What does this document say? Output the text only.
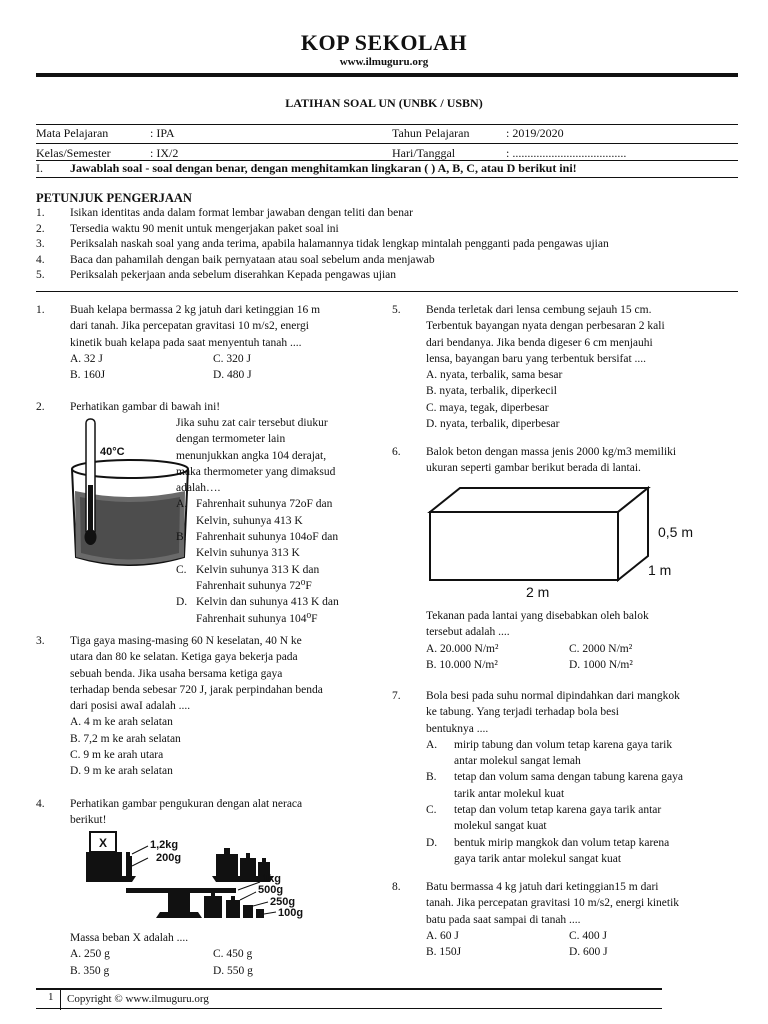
KOP SEKOLAH
www.ilmuguru.org
LATIHAN SOAL UN (UNBK / USBN)
Mata Pelajaran	: IPA	Tahun Pelajaran	: 2019/2020
Kelas/Semester	: IX/2	Hari/Tanggal	: ......................................
I. Jawablah soal - soal dengan benar, dengan menghitamkan lingkaran ( ) A, B, C, atau D berikut ini!
PETUNJUK PENGERJAAN
1.	Isikan identitas anda dalam format lembar jawaban dengan teliti dan benar
2.	Tersedia waktu 90 menit untuk mengerjakan paket soal ini
3.	Periksalah naskah soal yang anda terima, apabila halamannya tidak lengkap mintalah pengganti pada pengawas ujian
4.	Baca dan pahamilah dengan baik pernyataan atau soal sebelum anda menjawab
5.	Periksalah pekerjaan anda sebelum diserahkan Kepada pengawas ujian
1. Buah kelapa bermassa 2 kg jatuh dari ketinggian 16 m
dari tanah. Jika percepatan gravitasi 10 m/s2, energi
kinetik buah kelapa pada saat menyentuh tanah ....
A. 32 J	C. 320 J
B. 160J	D. 480 J
2. Perhatikan gambar di bawah ini!
40°C
Jika suhu zat cair tersebut diukur
dengan termometer lain
menunjukkan angka 104 derajat,
maka thermometer yang dimaksud
adalah….
A. Fahrenhait suhunya 72oF dan
Kelvin, suhunya 413 K
B. Fahrenhait suhunya 104oF dan
Kelvin suhunya 313 K
C. Kelvin suhunya 313 K dan
Fahrenhait suhunya 72⁰F
D. Kelvin dan suhunya 413 K dan
Fahrenhait suhunya 104⁰F
3. Tiga gaya masing-masing 60 N keselatan, 40 N ke
utara dan 80 ke selatan. Ketiga gaya bekerja pada
sebuah benda. Jika usaha bersama ketiga gaya
terhadap benda sebesar 720 J, jarak perpindahan benda
dari posisi awaI adalah ....
A. 4 m ke arah selatan
B. 7,2 m ke arah selatan
C. 9 m ke arah utara
D. 9 m ke arah selatan
4. Perhatikan gambar pengukuran dengan alat neraca
berikut!
X	1,2kg
200g
1kg
500g
250g
100g
Massa beban X adalah ....
A. 250 g	C. 450 g
B. 350 g	D. 550 g
5. Benda terletak dari lensa cembung sejauh 15 cm.
Terbentuk bayangan nyata dengan perbesaran 2 kali
dari bendanya. Jika benda digeser 6 cm menjauhi
lensa, bayangan baru yang terbentuk bersifat ....
A. nyata, terbalik, sama besar
B. nyata, terbalik, diperkecil
C. maya, tegak, diperbesar
D. nyata, terbalik, diperbesar
6. Balok beton dengan massa jenis 2000 kg/m3 memiliki
ukuran seperti gambar berikut berada di lantai.
0,5 m
1 m
2 m
Tekanan pada lantai yang disebabkan oleh balok
tersebut adalah ....
A. 20.000 N/m²	C. 2000 N/m²
B. 10.000 N/m²	D. 1000 N/m²
7. Bola besi pada suhu normal dipindahkan dari mangkok
ke tabung. Yang terjadi terhadap bola besi
bentuknya ....
A.	mirip tabung dan volum tetap karena gaya tarik
antar molekul sangat lemah
B.	tetap dan volum sama dengan tabung karena gaya
tarik antar molekul kuat
C.	tetap dan volum tetap karena gaya tarik antar
molekul sangat kuat
D.	bentuk mirip mangkok dan volum tetap karena
gaya tarik antar molekul sangat kuat
8. Batu bermassa 4 kg jatuh dari ketinggian15 m dari
tanah. Jika percepatan gravitasi 10 m/s2, energi kinetik
batu pada saat sampai di tanah ....
A. 60 J	C. 400 J
B. 150J	D. 600 J
1 Copyright © www.ilmuguru.org
